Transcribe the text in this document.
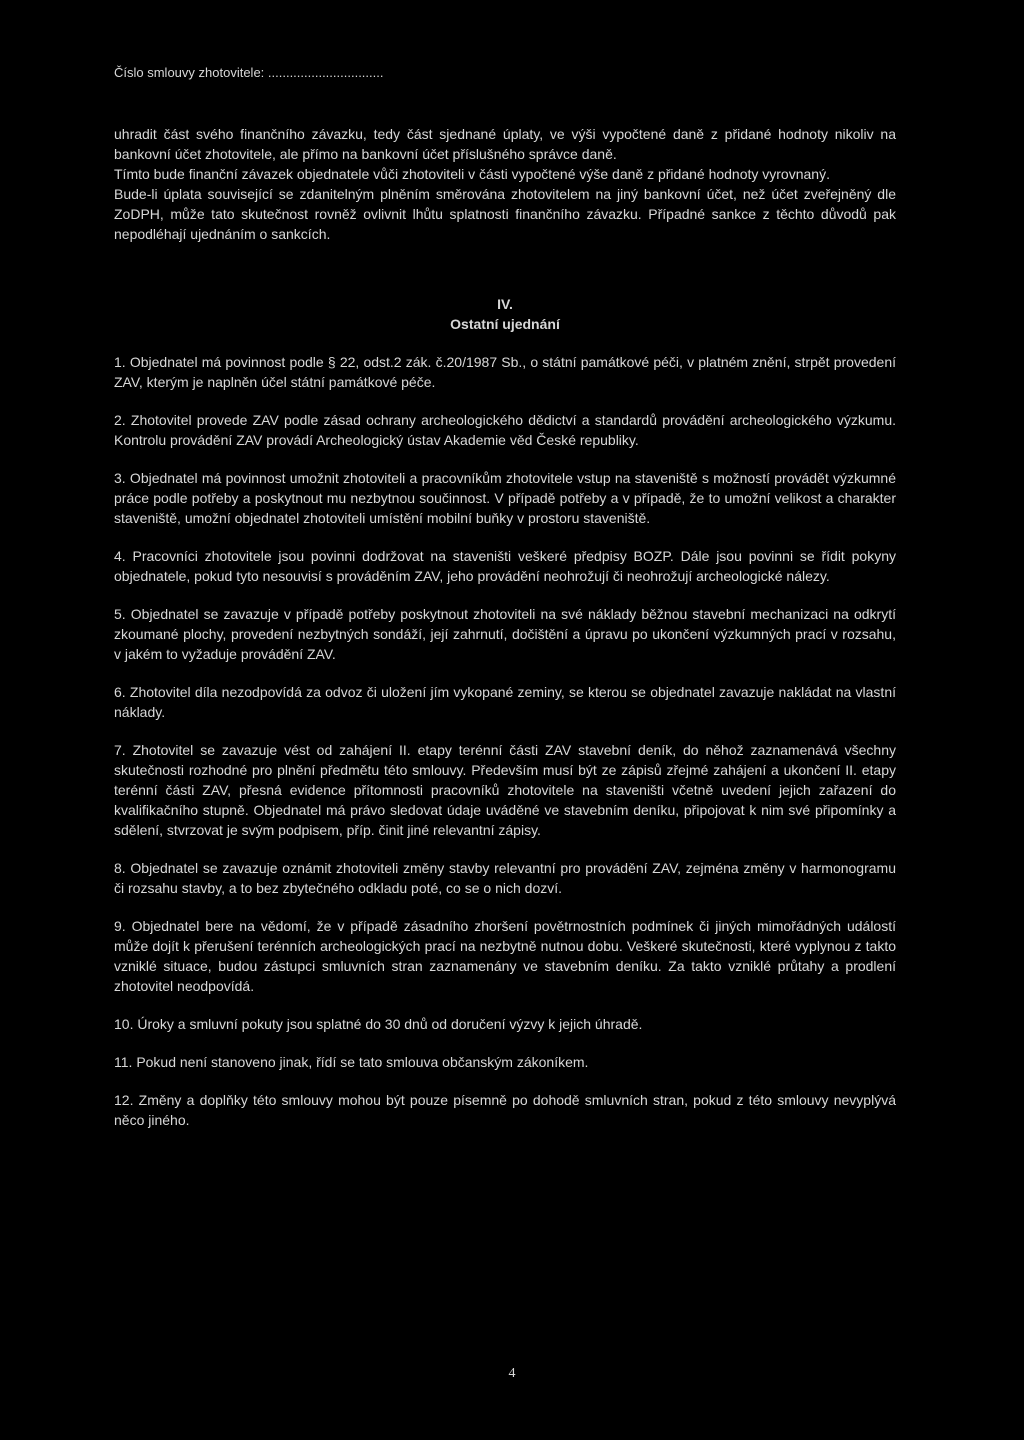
Číslo smlouvy zhotovitele: ................................

uhradit část svého finančního závazku, tedy část sjednané úplaty, ve výši vypočtené daně z přidané hodnoty nikoliv na bankovní účet zhotovitele, ale přímo na bankovní účet příslušného správce daně.

Tímto bude finanční závazek objednatele vůči zhotoviteli v části vypočtené výše daně z přidané hodnoty vyrovnaný.

Bude-li úplata související se zdanitelným plněním směrována zhotovitelem na jiný bankovní účet, než účet zveřejněný dle ZoDPH, může tato skutečnost rovněž ovlivnit lhůtu splatnosti finančního závazku. Případné sankce z těchto důvodů pak nepodléhají ujednáním o sankcích.

IV.
Ostatní ujednání

1. Objednatel má povinnost podle § 22, odst.2 zák. č.20/1987 Sb., o státní památkové péči, v platném znění, strpět provedení ZAV, kterým je naplněn účel státní památkové péče.

2. Zhotovitel provede ZAV podle zásad ochrany archeologického dědictví a standardů provádění archeologického výzkumu. Kontrolu provádění ZAV provádí Archeologický ústav Akademie věd České republiky.

3. Objednatel má povinnost umožnit zhotoviteli a pracovníkům zhotovitele vstup na staveniště s možností provádět výzkumné práce podle potřeby a poskytnout mu nezbytnou součinnost. V případě potřeby a v případě, že to umožní velikost a charakter staveniště, umožní objednatel zhotoviteli umístění mobilní buňky v prostoru staveniště.

4. Pracovníci zhotovitele jsou povinni dodržovat na staveništi veškeré předpisy BOZP. Dále jsou povinni se řídit pokyny objednatele, pokud tyto nesouvisí s prováděním ZAV, jeho provádění neohrožují či neohrožují archeologické nálezy.

5. Objednatel se zavazuje v případě potřeby poskytnout zhotoviteli na své náklady běžnou stavební mechanizaci na odkrytí zkoumané plochy, provedení nezbytných sondáží, její zahrnutí, dočištění a úpravu po ukončení výzkumných prací v rozsahu, v jakém to vyžaduje provádění ZAV.

6. Zhotovitel díla nezodpovídá za odvoz či uložení jím vykopané zeminy, se kterou se objednatel zavazuje nakládat na vlastní náklady.

7. Zhotovitel se zavazuje vést od zahájení II. etapy terénní části ZAV stavební deník, do něhož zaznamenává všechny skutečnosti rozhodné pro plnění předmětu této smlouvy. Především musí být ze zápisů zřejmé zahájení a ukončení II. etapy terénní části ZAV, přesná evidence přítomnosti pracovníků zhotovitele na staveništi včetně uvedení jejich zařazení do kvalifikačního stupně. Objednatel má právo sledovat údaje uváděné ve stavebním deníku, připojovat k nim své připomínky a sdělení, stvrzovat je svým podpisem, příp. činit jiné relevantní zápisy.

8. Objednatel se zavazuje oznámit zhotoviteli změny stavby relevantní pro provádění ZAV, zejména změny v harmonogramu či rozsahu stavby, a to bez zbytečného odkladu poté, co se o nich dozví.

9. Objednatel bere na vědomí, že v případě zásadního zhoršení povětrnostních podmínek či jiných mimořádných událostí může dojít k přerušení terénních archeologických prací na nezbytně nutnou dobu. Veškeré skutečnosti, které vyplynou z takto vzniklé situace, budou zástupci smluvních stran zaznamenány ve stavebním deníku. Za takto vzniklé průtahy a prodlení zhotovitel neodpovídá.

10. Úroky a smluvní pokuty jsou splatné do 30 dnů od doručení výzvy k jejich úhradě.

11. Pokud není stanoveno jinak, řídí se tato smlouva občanským zákoníkem.

12. Změny a doplňky této smlouvy mohou být pouze písemně po dohodě smluvních stran, pokud z této smlouvy nevyplývá něco jiného.

4
